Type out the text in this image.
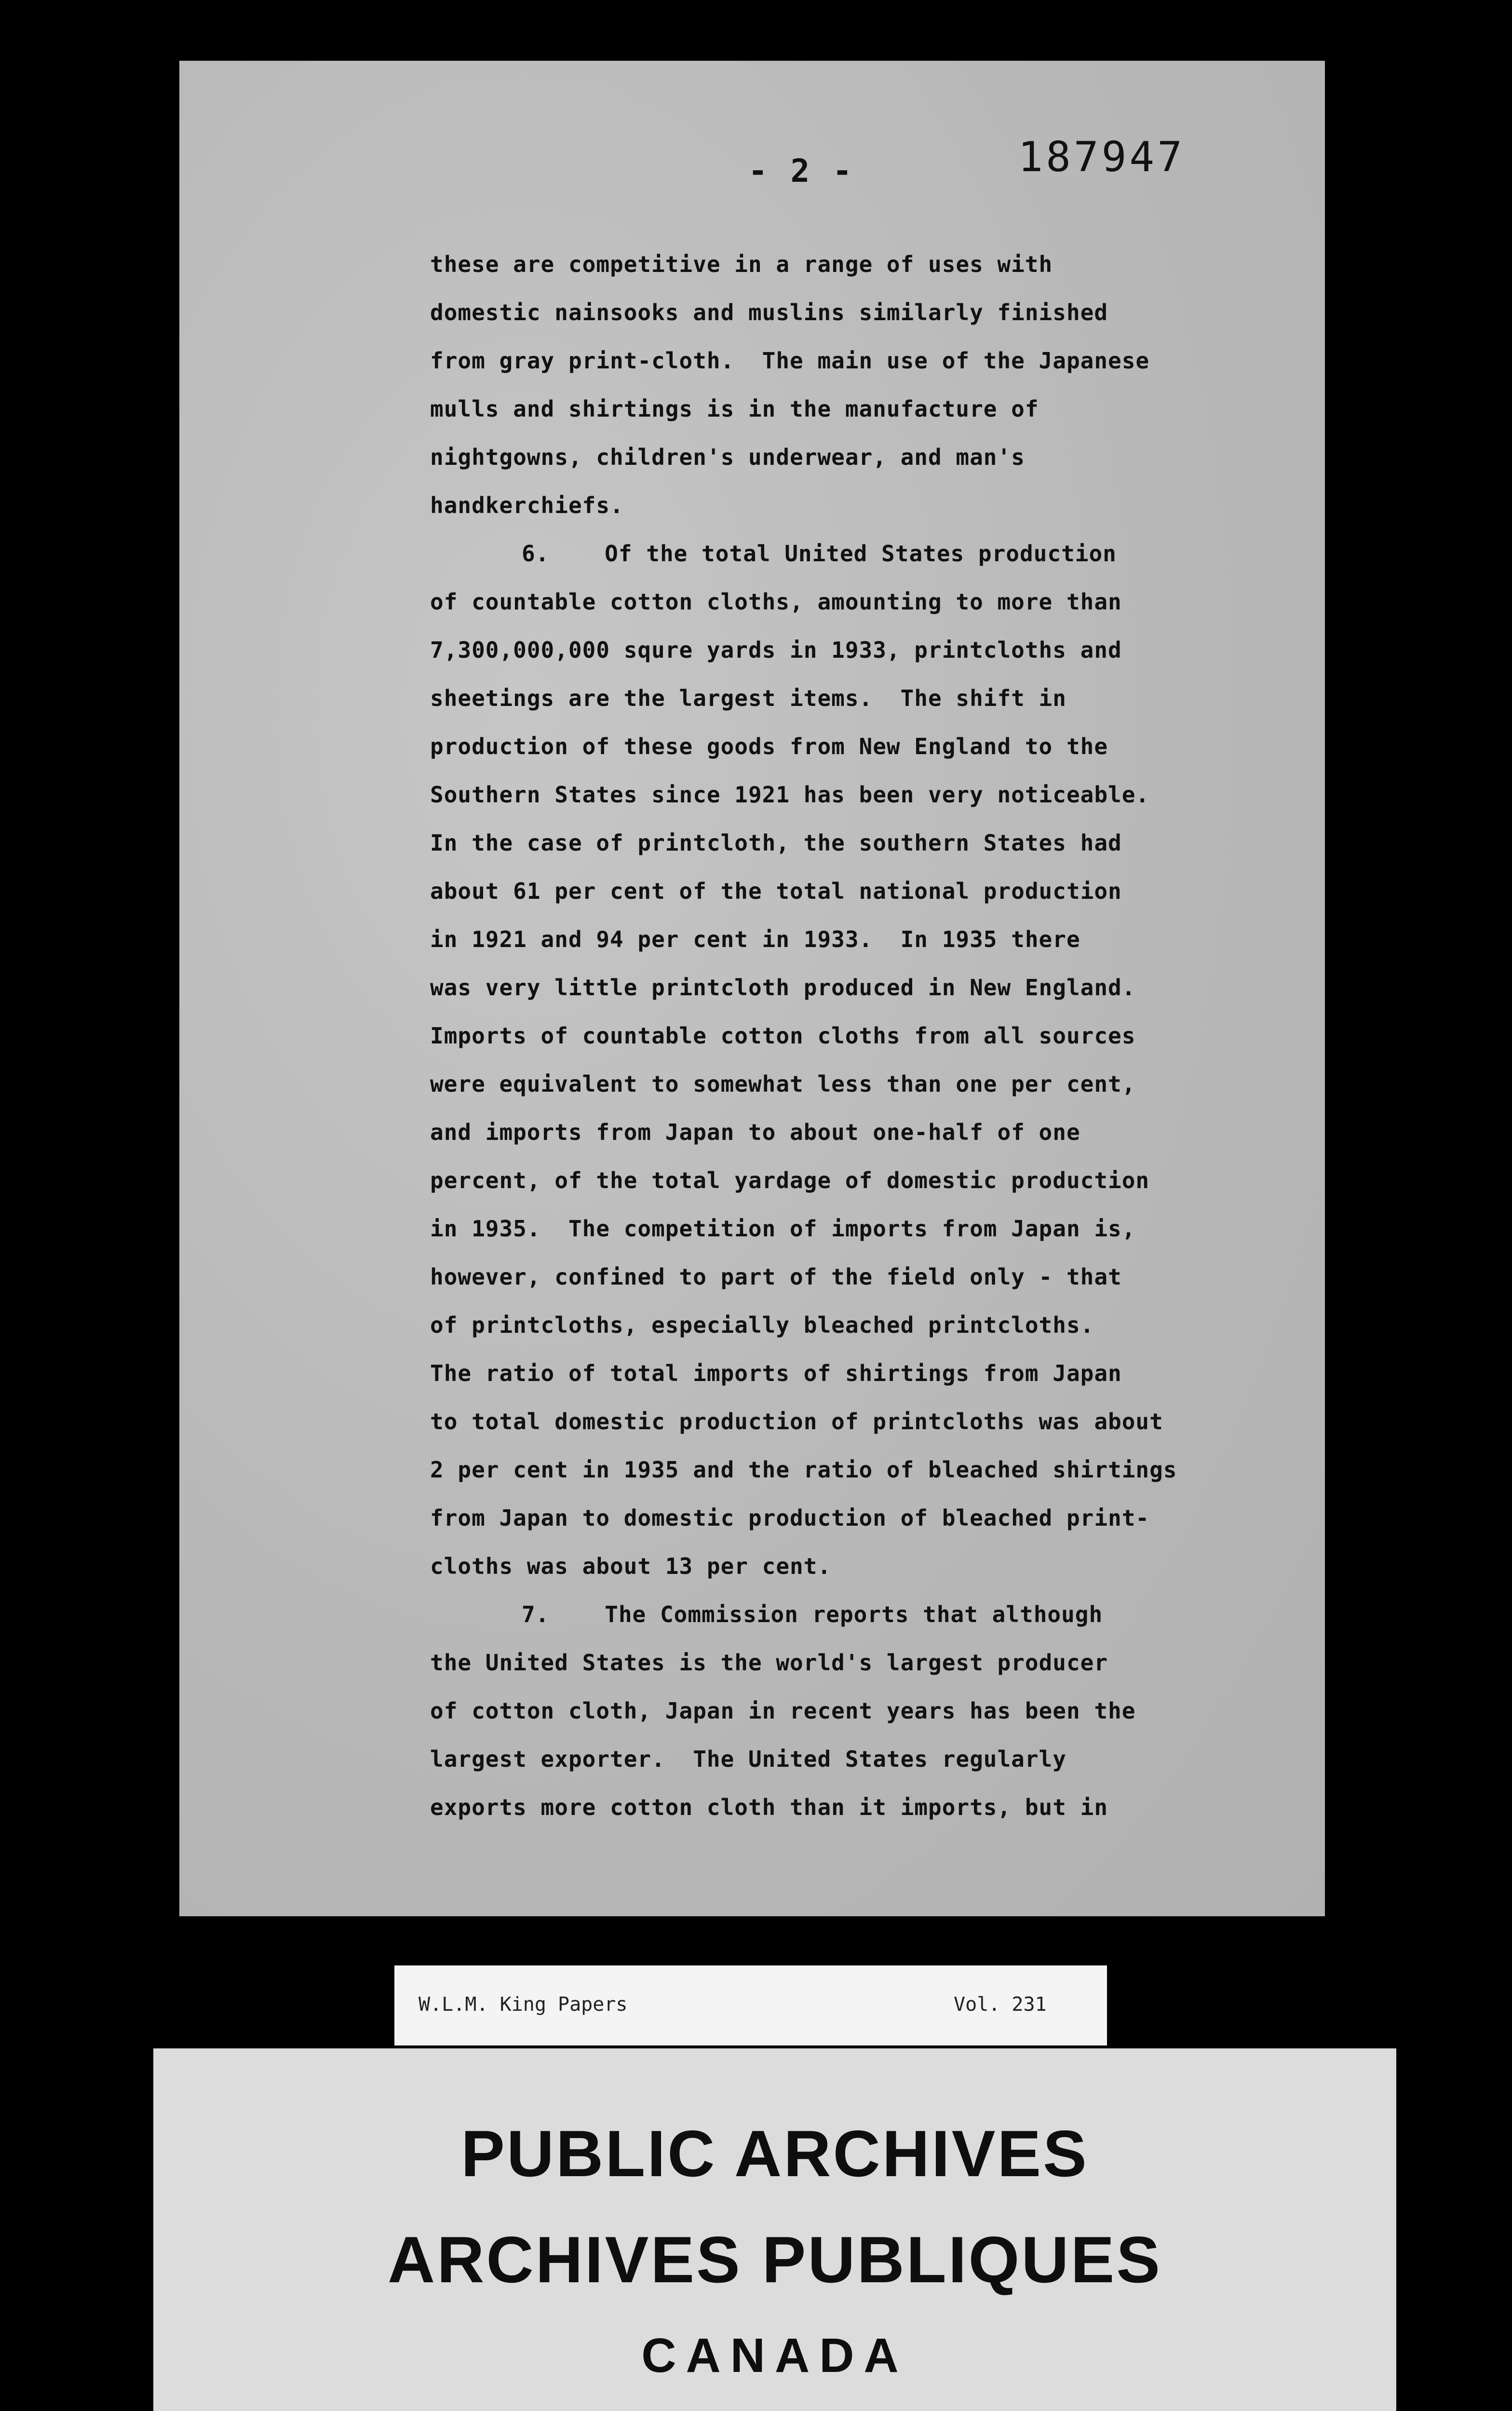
- 2 -	187947
these are competitive in a range of uses with
domestic nainsooks and muslins similarly finished
from gray print-cloth.  The main use of the Japanese
mulls and shirtings is in the manufacture of
nightgowns, children's underwear, and man's
handkerchiefs.
6.    Of the total United States production
of countable cotton cloths, amounting to more than
7,300,000,000 squre yards in 1933, printcloths and
sheetings are the largest items.  The shift in
production of these goods from New England to the
Southern States since 1921 has been very noticeable.
In the case of printcloth, the southern States had
about 61 per cent of the total national production
in 1921 and 94 per cent in 1933.  In 1935 there
was very little printcloth produced in New England.
Imports of countable cotton cloths from all sources
were equivalent to somewhat less than one per cent,
and imports from Japan to about one-half of one
percent, of the total yardage of domestic production
in 1935.  The competition of imports from Japan is,
however, confined to part of the field only - that
of printcloths, especially bleached printcloths.
The ratio of total imports of shirtings from Japan
to total domestic production of printcloths was about
2 per cent in 1935 and the ratio of bleached shirtings
from Japan to domestic production of bleached print-
cloths was about 13 per cent.
7.    The Commission reports that although
the United States is the world's largest producer
of cotton cloth, Japan in recent years has been the
largest exporter.  The United States regularly
exports more cotton cloth than it imports, but in
W.L.M. King Papers	Vol. 231
PUBLIC ARCHIVES
ARCHIVES PUBLIQUES
CANADA
